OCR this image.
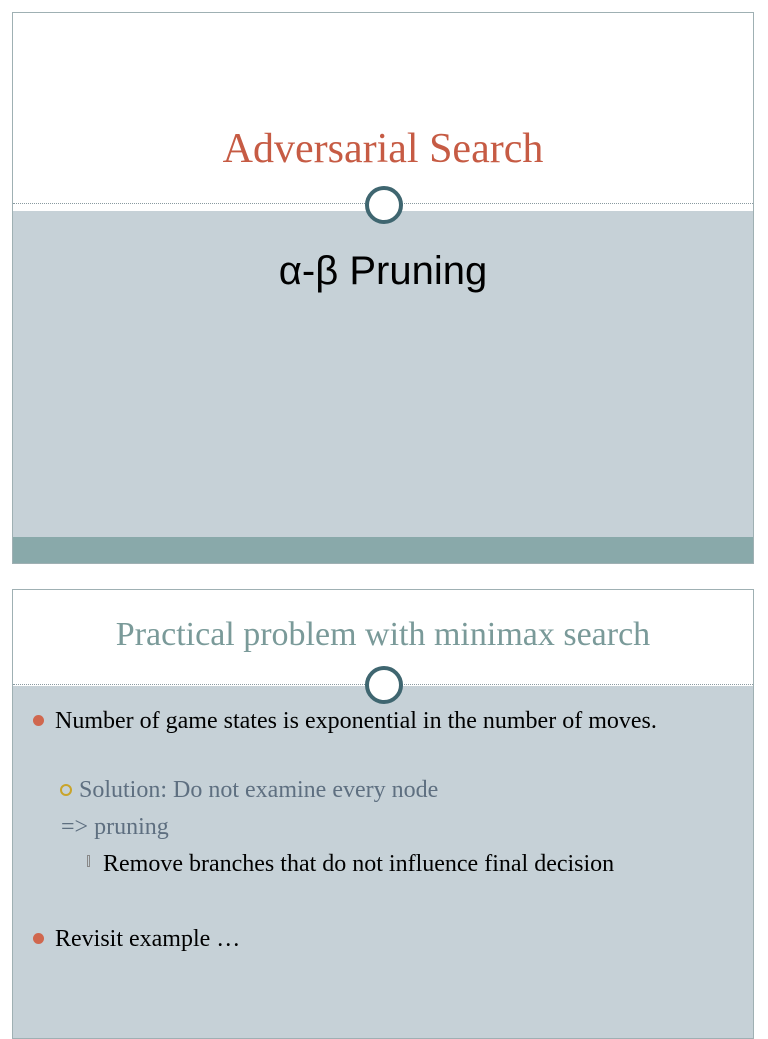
Adversarial Search
α-β Pruning
Practical problem with minimax search
Number of game states is exponential in the number of moves.
Solution: Do not examine every node
=> pruning
Remove branches that do not influence final decision
Revisit example …
